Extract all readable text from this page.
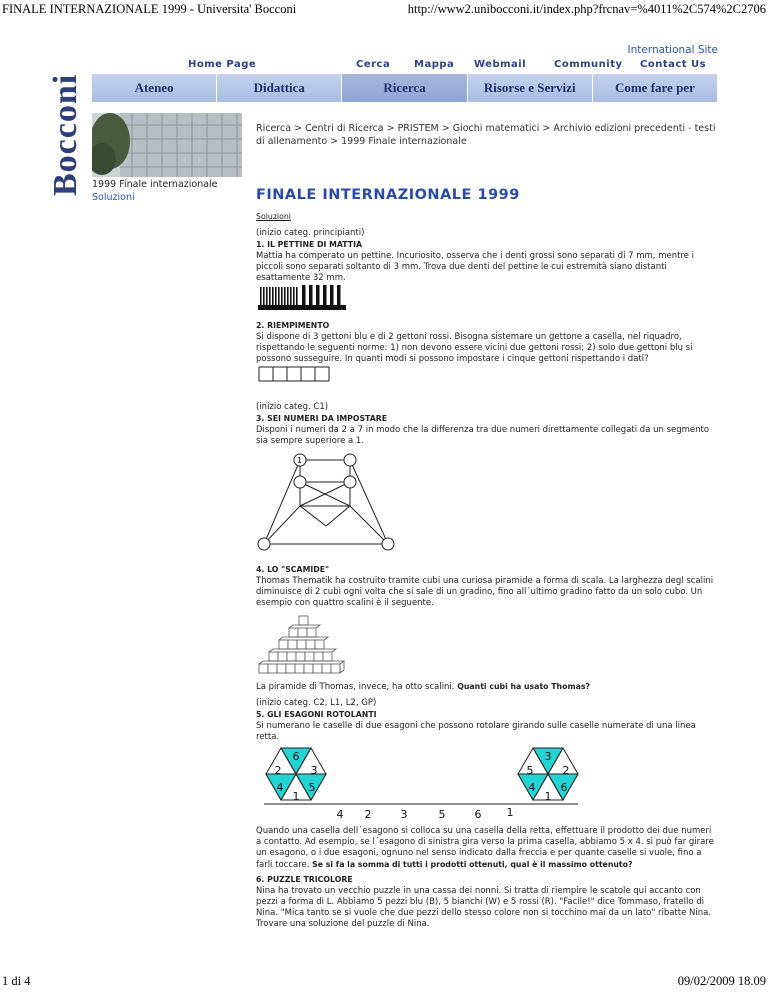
FINALE INTERNAZIONALE 1999 - Universita' Bocconi	http://www2.unibocconi.it/index.php?frcnav=%4011%2C574%2C2706
Bocconi
International Site
Home Page	Cerca Mappa Webmail	Community Contact Us
Ateneo	Didattica	Ricerca	Risorse e Servizi	Come fare per
Ricerca > Centri di Ricerca > PRISTEM > Giochi matematici > Archivio edizioni precedenti - testi di allenamento > 1999 Finale internazionale
1999 Finale internazionale
Soluzioni	FINALE INTERNAZIONALE 1999
Soluzioni
(inizio categ. principianti)
1. IL PETTINE DI MATTIA
Mattia ha comperato un pettine. Incuriosito, osserva che i denti grossi sono separati di 7 mm, mentre i piccoli sono separati soltanto di 3 mm. Trova due denti del pettine le cui estremità siano distanti esattamente 32 mm.
2. RIEMPIMENTO
Si dispone di 3 gettoni blu e di 2 gettoni rossi. Bisogna sistemare un gettone a casella, nel riquadro, rispettando le seguenti norme: 1) non devono essere vicini due gettoni rossi; 2) solo due gettoni blu si possono susseguire. In quanti modi si possono impostare i cinque gettoni rispettando i dati?
(inizio categ. C1)
3. SEI NUMERI DA IMPOSTARE
Disponi i numeri da 2 a 7 in modo che la differenza tra due numeri direttamente collegati da un segmento sia sempre superiore a 1.
1
4. LO "SCAMIDE"
Thomas Thematik ha costruito tramite cubi una curiosa piramide a forma di scala. La larghezza degl scalini diminuisce di 2 cubi ogni volta che si sale di un gradino, fino all´ultimo gradino fatto da un solo cubo. Un esempio con quattro scalini è il seguente.
La piramide di Thomas, invece, ha otto scalini. Quanti cubi ha usato Thomas?
(inizio categ. C2, L1, L2, GP)
5. GLI ESAGONI ROTOLANTI
Si numerano le caselle di due esagoni che possono rotolare girando sulle caselle numerate di una linea retta.
6
2	3
4 5
1
3
5	2
4 6
1
4 2	3	5	6 1
Quando una casella dell´esagono si colloca su una casella della retta, effettuare il prodotto dei due numeri a contatto. Ad esempio, se l´esagono di sinistra gira verso la prima casella, abbiamo 5 x 4. si può far girare un esagono, o i due esagoni, ognuno nel senso indicato dalla freccia e per quante caselle si vuole, fino a farli toccare. Se si fa la somma di tutti i prodotti ottenuti, qual è il massimo ottenuto?
6. PUZZLE TRICOLORE
Nina ha trovato un vecchio puzzle in una cassa dei nonni. Si tratta di riempire le scatole qui accanto con pezzi a forma di L. Abbiamo 5 pezzi blu (B), 5 bianchi (W) e 5 rossi (R). "Facile!" dice Tommaso, fratello di Nina. "Mica tanto se si vuole che due pezzi dello stesso colore non si tocchino mai da un lato" ribatte Nina. Trovare una soluzione del puzzle di Nina.
1 di 4	09/02/2009 18.09
